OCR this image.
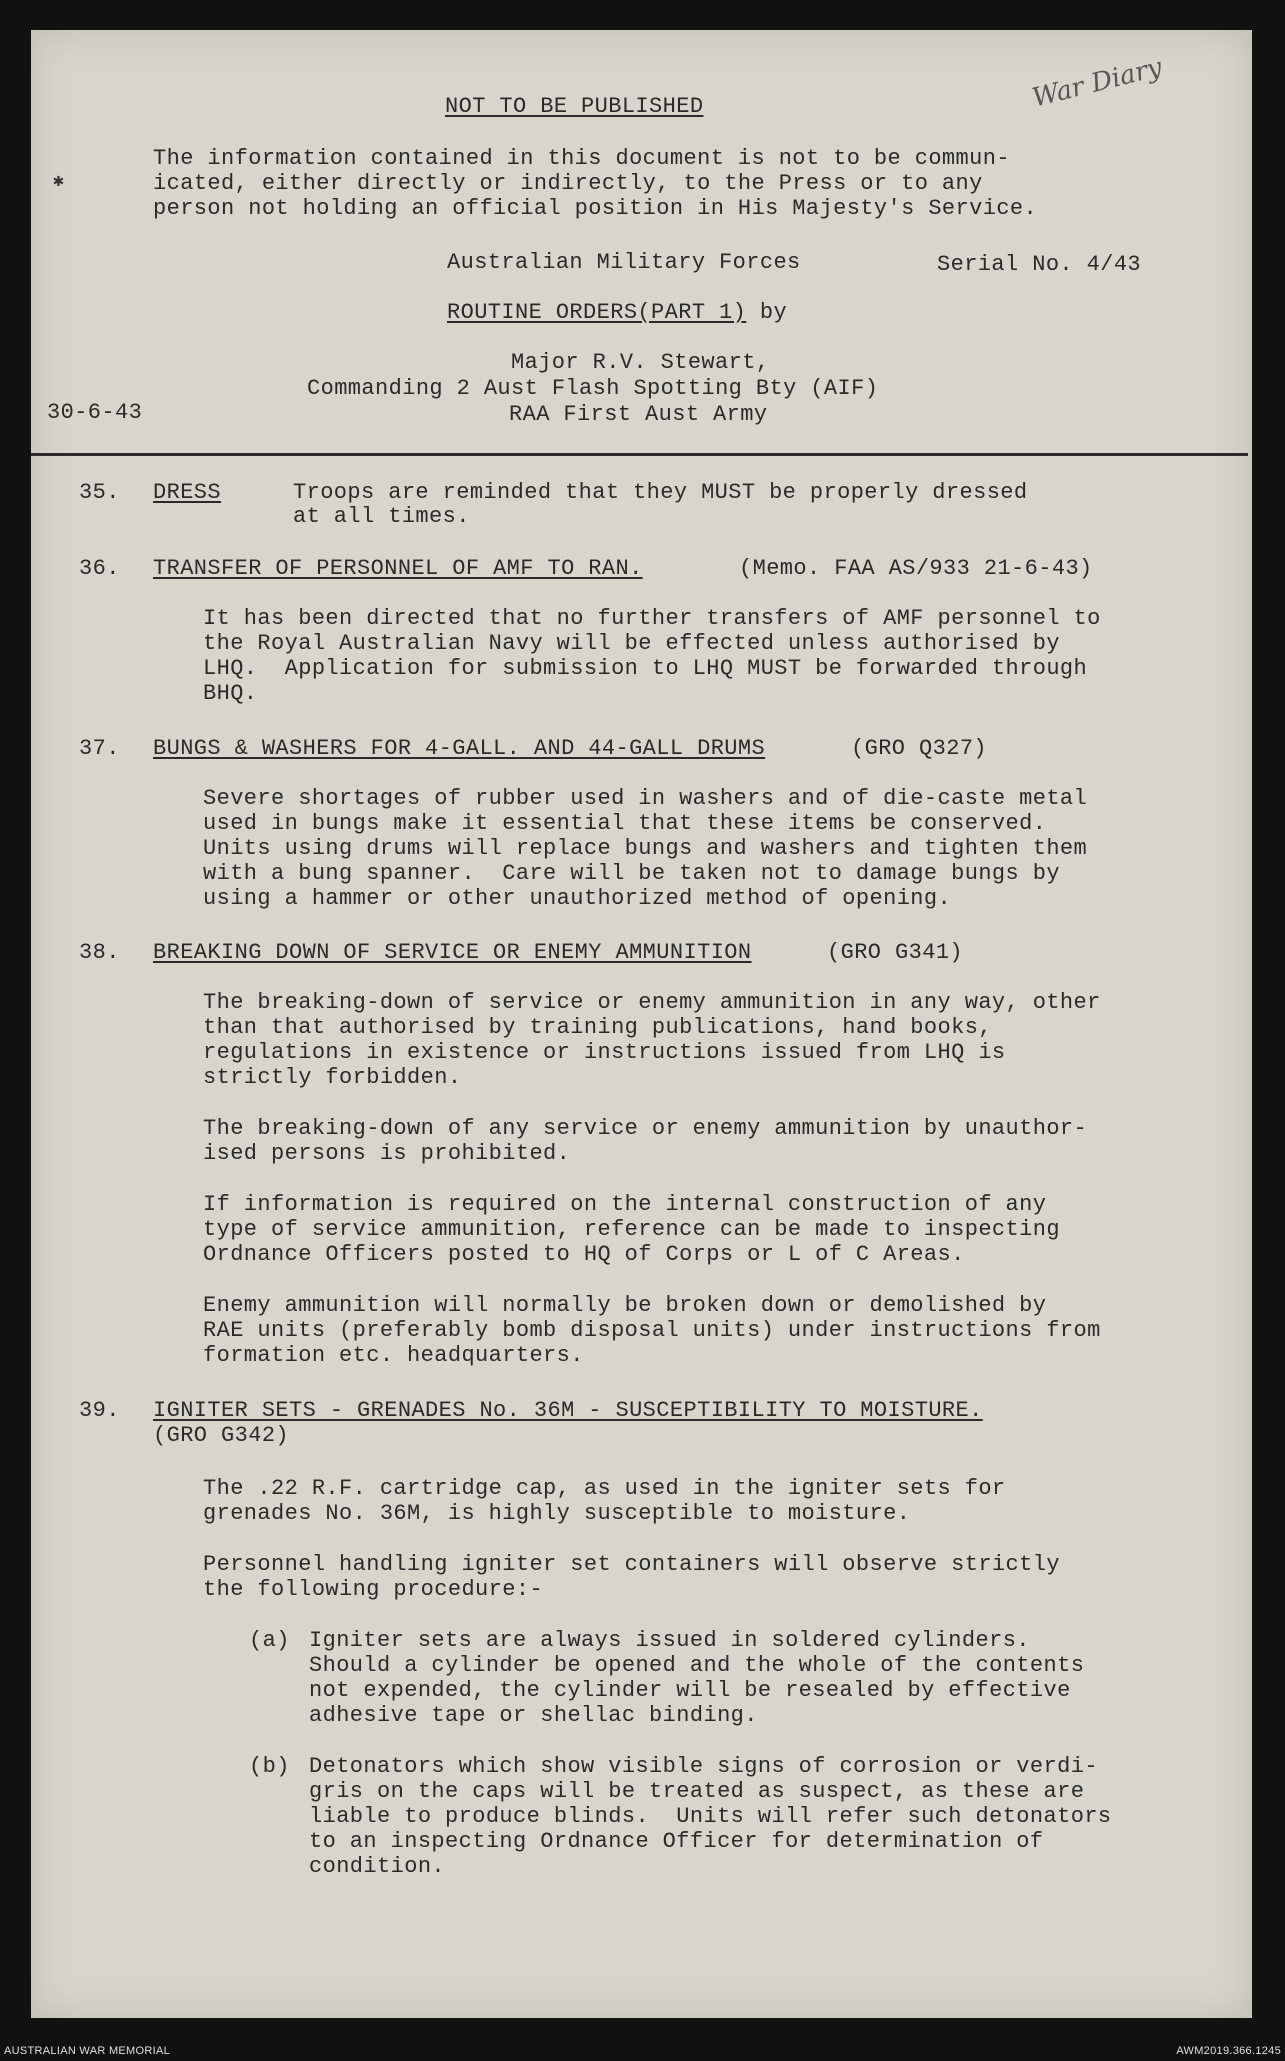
War Diary
✱
NOT TO BE PUBLISHED
The information contained in this document is not to be commun-
icated, either directly or indirectly, to the Press or to any
person not holding an official position in His Majesty's Service.
Australian Military Forces	Serial No. 4/43
ROUTINE ORDERS(PART 1) by
Major R.V. Stewart,
Commanding 2 Aust Flash Spotting Bty (AIF)
RAA First Aust Army
30-6-43
35. DRESS	Troops are reminded that they MUST be properly dressed
at all times.
36. TRANSFER OF PERSONNEL OF AMF TO RAN.	(Memo. FAA AS/933 21-6-43)
It has been directed that no further transfers of AMF personnel to
the Royal Australian Navy will be effected unless authorised by
LHQ.  Application for submission to LHQ MUST be forwarded through
BHQ.
37. BUNGS & WASHERS FOR 4-GALL. AND 44-GALL DRUMS	(GRO Q327)
Severe shortages of rubber used in washers and of die-caste metal
used in bungs make it essential that these items be conserved.
Units using drums will replace bungs and washers and tighten them
with a bung spanner.  Care will be taken not to damage bungs by
using a hammer or other unauthorized method of opening.
38. BREAKING DOWN OF SERVICE OR ENEMY AMMUNITION	(GRO G341)
The breaking-down of service or enemy ammunition in any way, other
than that authorised by training publications, hand books,
regulations in existence or instructions issued from LHQ is
strictly forbidden.
The breaking-down of any service or enemy ammunition by unauthor-
ised persons is prohibited.
If information is required on the internal construction of any
type of service ammunition, reference can be made to inspecting
Ordnance Officers posted to HQ of Corps or L of C Areas.
Enemy ammunition will normally be broken down or demolished by
RAE units (preferably bomb disposal units) under instructions from
formation etc. headquarters.
39. IGNITER SETS - GRENADES No. 36M - SUSCEPTIBILITY TO MOISTURE.
(GRO G342)
The .22 R.F. cartridge cap, as used in the igniter sets for
grenades No. 36M, is highly susceptible to moisture.
Personnel handling igniter set containers will observe strictly
the following procedure:-
(a) Igniter sets are always issued in soldered cylinders.
Should a cylinder be opened and the whole of the contents
not expended, the cylinder will be resealed by effective
adhesive tape or shellac binding.
(b) Detonators which show visible signs of corrosion or verdi-
gris on the caps will be treated as suspect, as these are
liable to produce blinds.  Units will refer such detonators
to an inspecting Ordnance Officer for determination of
condition.
AUSTRALIAN WAR MEMORIAL	AWM2019.366.1245
